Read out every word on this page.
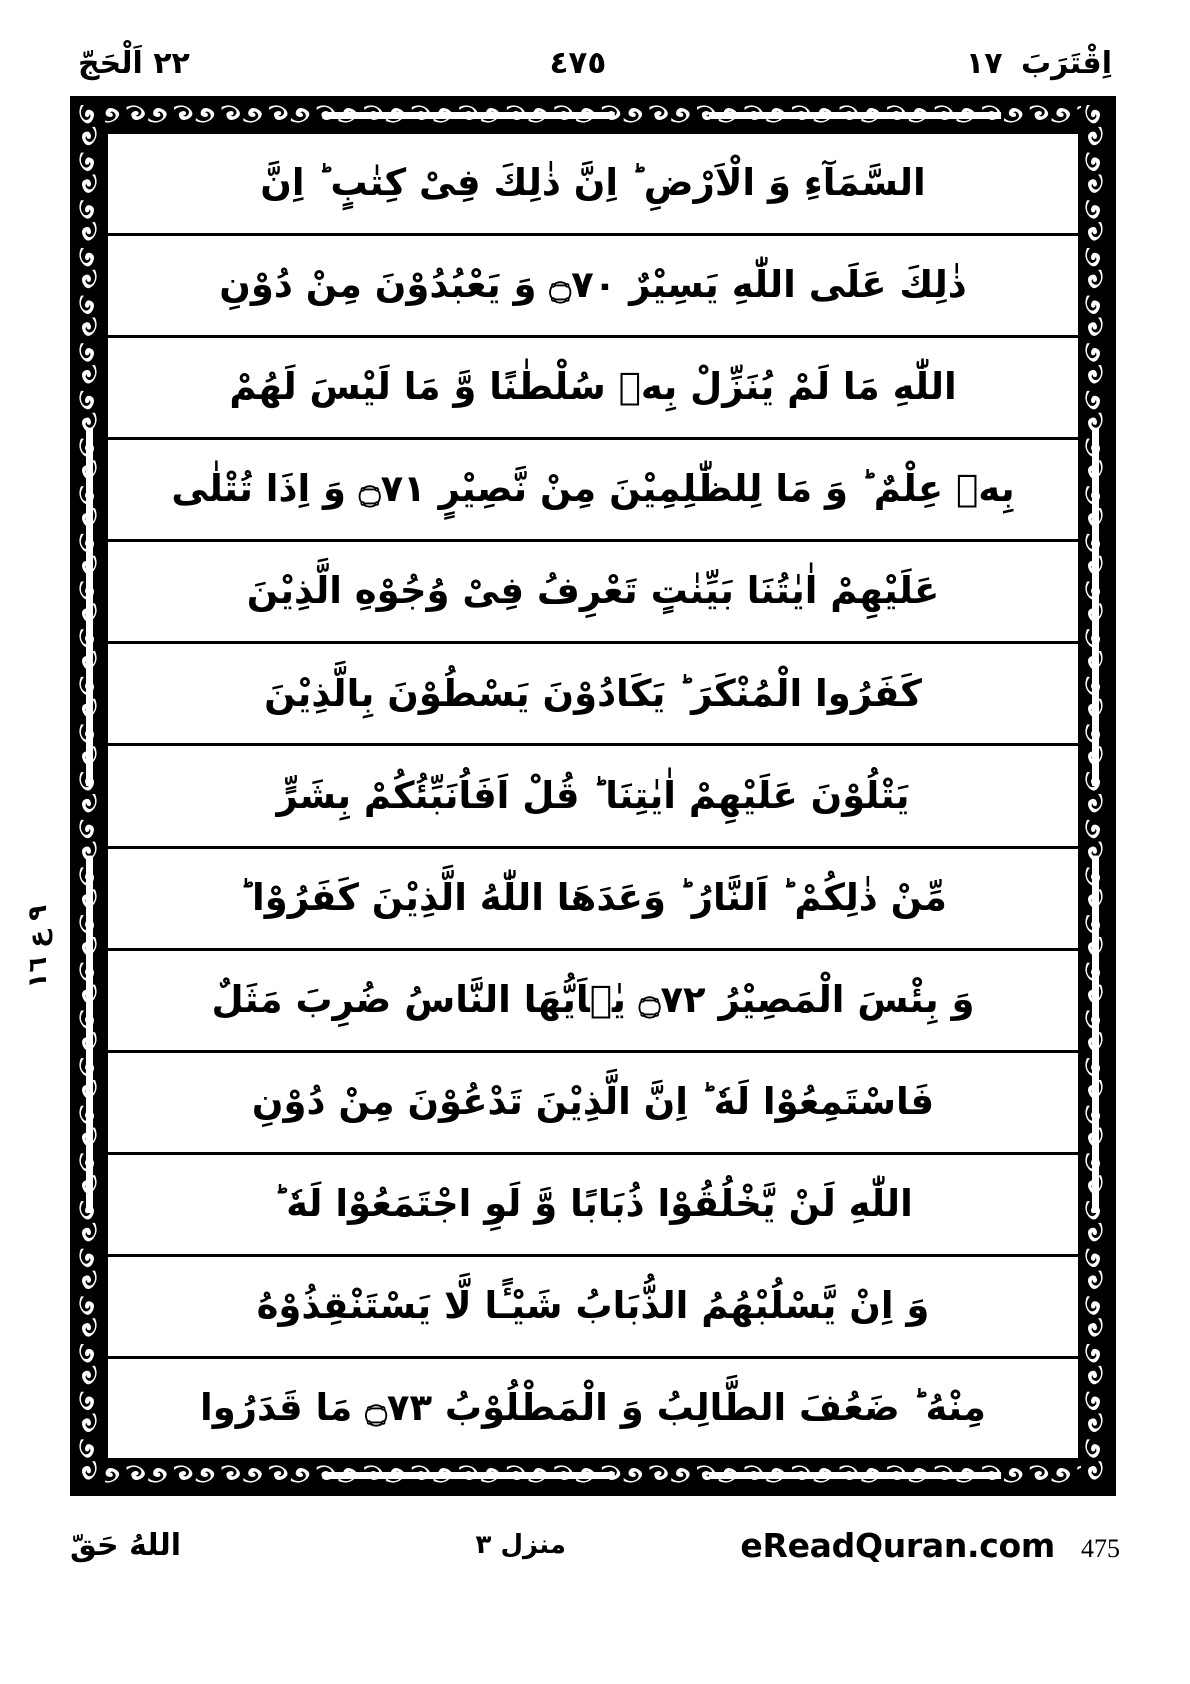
٢٢ اَلْحَجّ	٤٧٥	اِقْتَرَبَ ١٧
٩ ع ١٦
السَّمَآءِ وَ الْاَرْضِ ؕ اِنَّ ذٰلِكَ فِىْ كِتٰبٍ ؕ اِنَّ
ذٰلِكَ عَلَى اللّٰهِ يَسِيْرٌ ۝٧٠ وَ يَعْبُدُوْنَ مِنْ دُوْنِ
اللّٰهِ مَا لَمْ يُنَزِّلْ بِهٖ سُلْطٰنًا وَّ مَا لَيْسَ لَهُمْ
بِهٖ عِلْمٌ ؕ وَ مَا لِلظّٰلِمِيْنَ مِنْ نَّصِيْرٍ ۝٧١ وَ اِذَا تُتْلٰى
عَلَيْهِمْ اٰيٰتُنَا بَيِّنٰتٍ تَعْرِفُ فِىْ وُجُوْهِ الَّذِيْنَ
كَفَرُوا الْمُنْكَرَ ؕ يَكَادُوْنَ يَسْطُوْنَ بِالَّذِيْنَ
يَتْلُوْنَ عَلَيْهِمْ اٰيٰتِنَا ؕ قُلْ اَفَاُنَبِّئُكُمْ بِشَرٍّ
مِّنْ ذٰلِكُمْ ؕ اَلنَّارُ ؕ وَعَدَهَا اللّٰهُ الَّذِيْنَ كَفَرُوْا ؕ
وَ بِئْسَ الْمَصِيْرُ ۝٧٢ يٰۤاَيُّهَا النَّاسُ ضُرِبَ مَثَلٌ
فَاسْتَمِعُوْا لَهٗ ؕ اِنَّ الَّذِيْنَ تَدْعُوْنَ مِنْ دُوْنِ
اللّٰهِ لَنْ يَّخْلُقُوْا ذُبَابًا وَّ لَوِ اجْتَمَعُوْا لَهٗ ؕ
وَ اِنْ يَّسْلُبْهُمُ الذُّبَابُ شَيْـًٔا لَّا يَسْتَنْقِذُوْهُ
مِنْهُ ؕ ضَعُفَ الطَّالِبُ وَ الْمَطْلُوْبُ ۝٧٣ مَا قَدَرُوا
اللهُ حَقّ	منزل ٣	eReadQuran.com 475
